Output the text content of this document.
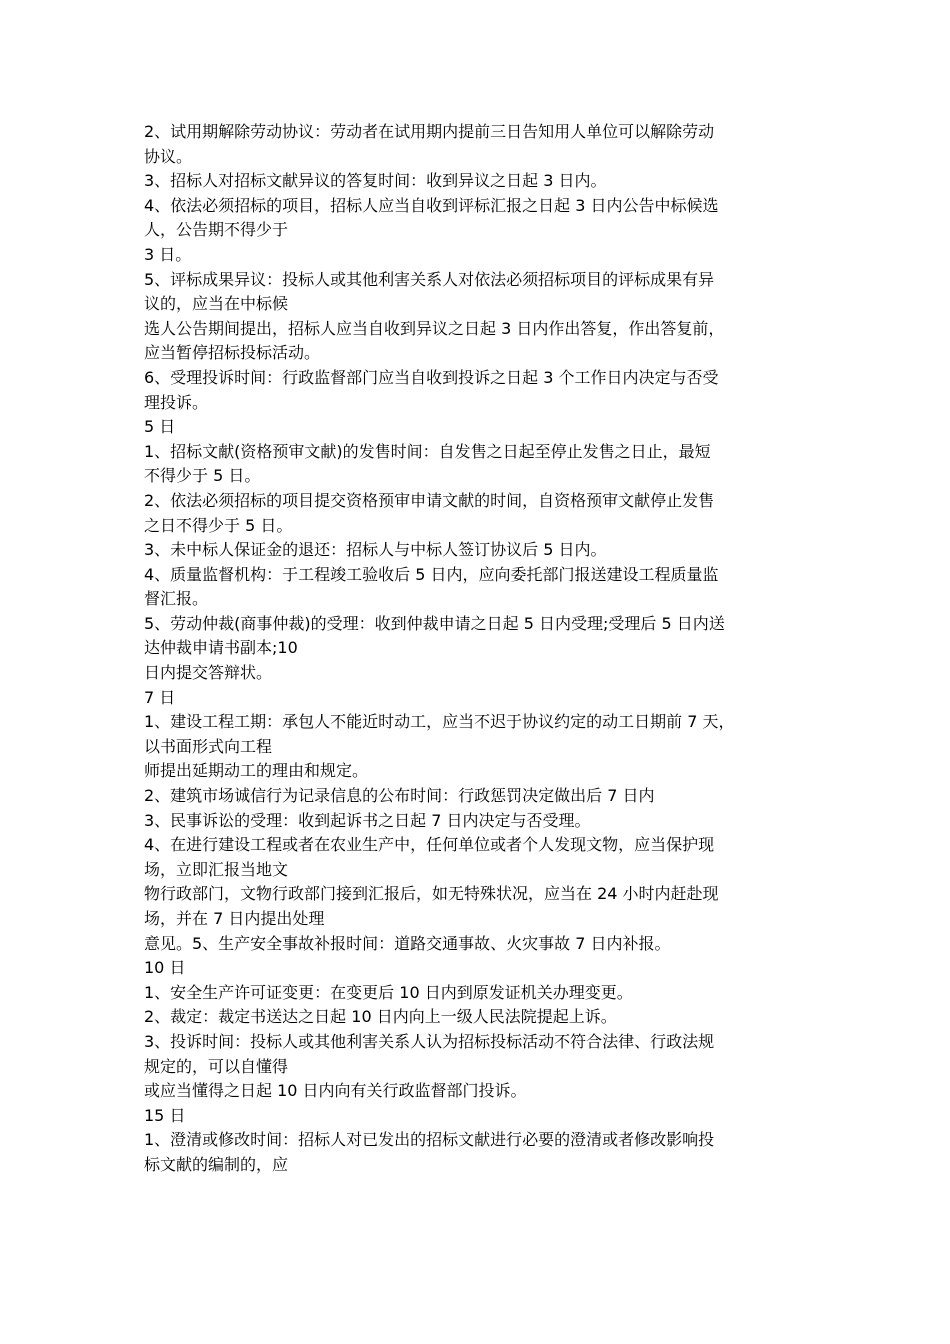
2、试用期解除劳动协议：劳动者在试用期内提前三日告知用人单位可以解除劳动
协议。
3、招标人对招标文献异议的答复时间：收到异议之日起 3 日内。
4、依法必须招标的项目，招标人应当自收到评标汇报之日起 3 日内公告中标候选
人，公告期不得少于
3 日。
5、评标成果异议：投标人或其他利害关系人对依法必须招标项目的评标成果有异
议的，应当在中标候
选人公告期间提出，招标人应当自收到异议之日起 3 日内作出答复，作出答复前，
应当暂停招标投标活动。
6、受理投诉时间：行政监督部门应当自收到投诉之日起 3 个工作日内决定与否受
理投诉。
5 日
1、招标文献(资格预审文献)的发售时间：自发售之日起至停止发售之日止，最短
不得少于 5 日。
2、依法必须招标的项目提交资格预审申请文献的时间，自资格预审文献停止发售
之日不得少于 5 日。
3、未中标人保证金的退还：招标人与中标人签订协议后 5 日内。
4、质量监督机构：于工程竣工验收后 5 日内，应向委托部门报送建设工程质量监
督汇报。
5、劳动仲裁(商事仲裁)的受理：收到仲裁申请之日起 5 日内受理;受理后 5 日内送
达仲裁申请书副本;10
日内提交答辩状。
7 日
1、建设工程工期：承包人不能近时动工，应当不迟于协议约定的动工日期前 7 天，
以书面形式向工程
师提出延期动工的理由和规定。
2、建筑市场诚信行为记录信息的公布时间：行政惩罚决定做出后 7 日内
3、民事诉讼的受理：收到起诉书之日起 7 日内决定与否受理。
4、在进行建设工程或者在农业生产中，任何单位或者个人发现文物，应当保护现
场，立即汇报当地文
物行政部门，文物行政部门接到汇报后，如无特殊状况，应当在 24 小时内赶赴现
场，并在 7 日内提出处理
意见。5、生产安全事故补报时间：道路交通事故、火灾事故 7 日内补报。
10 日
1、安全生产许可证变更：在变更后 10 日内到原发证机关办理变更。
2、裁定：裁定书送达之日起 10 日内向上一级人民法院提起上诉。
3、投诉时间：投标人或其他利害关系人认为招标投标活动不符合法律、行政法规
规定的，可以自懂得
或应当懂得之日起 10 日内向有关行政监督部门投诉。
15 日
1、澄清或修改时间：招标人对已发出的招标文献进行必要的澄清或者修改影响投
标文献的编制的，应
